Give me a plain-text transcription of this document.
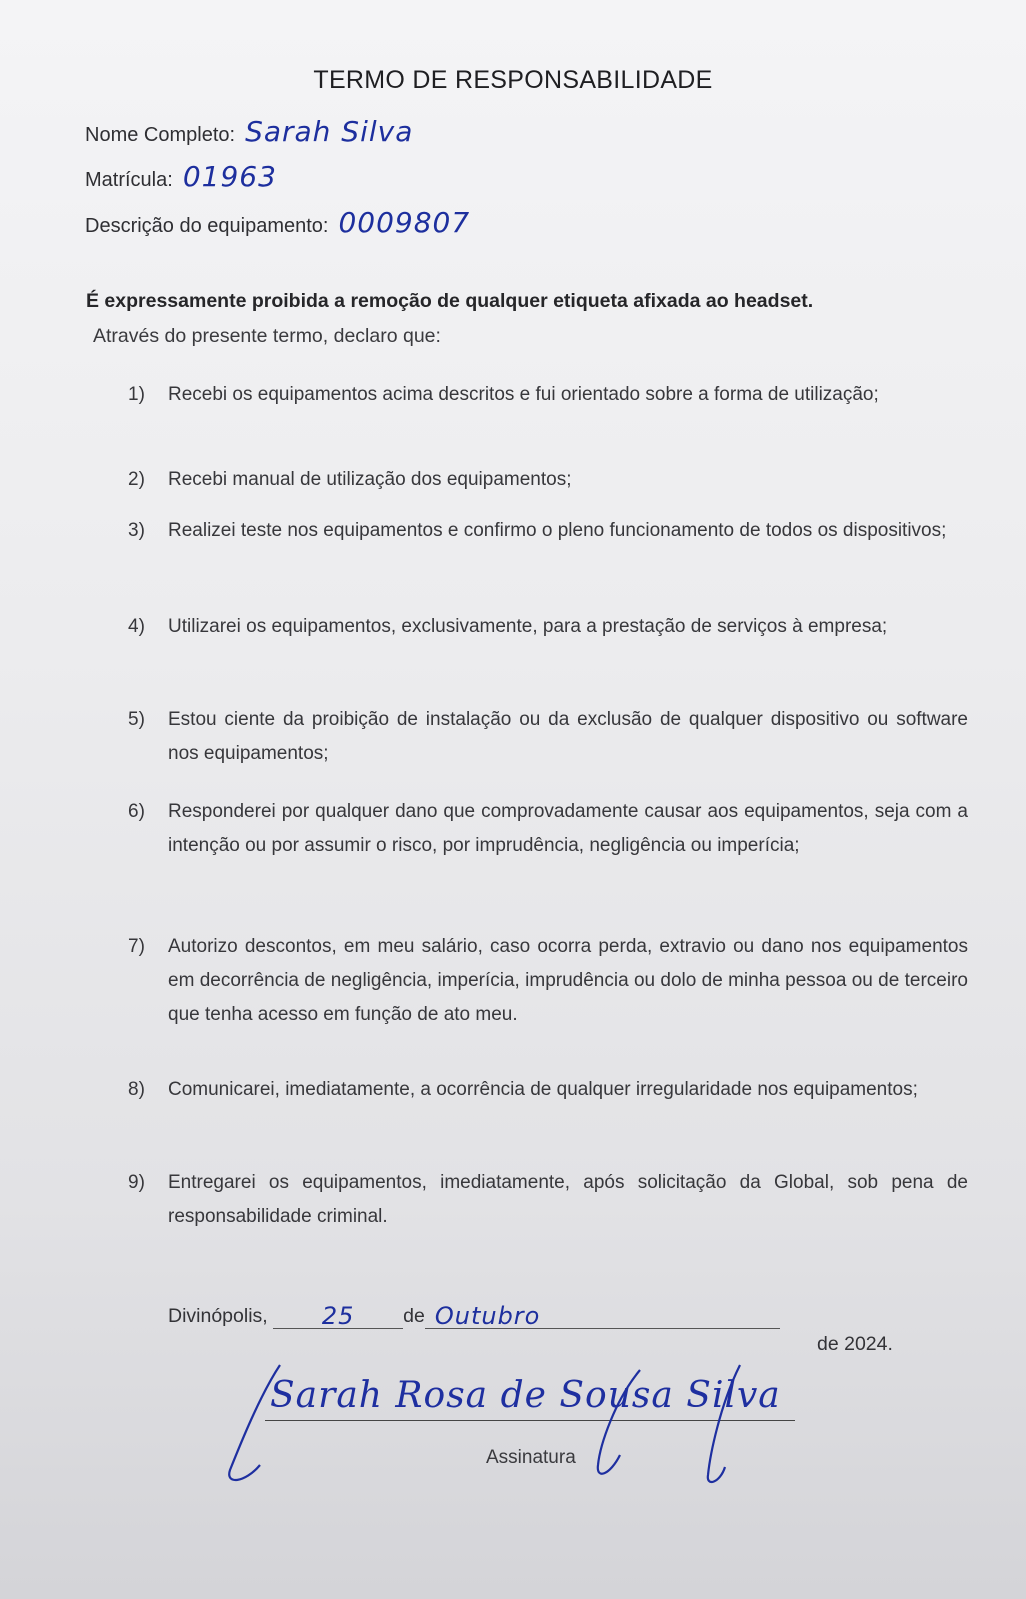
TERMO DE RESPONSABILIDADE
Nome Completo: Sarah Silva
Matrícula: 01963
Descrição do equipamento: 0009807
É expressamente proibida a remoção de qualquer etiqueta afixada ao headset.
Através do presente termo, declaro que:
1) Recebi os equipamentos acima descritos e fui orientado sobre a forma de utilização;
2) Recebi manual de utilização dos equipamentos;
3) Realizei teste nos equipamentos e confirmo o pleno funcionamento de todos os dispositivos;
4) Utilizarei os equipamentos, exclusivamente, para a prestação de serviços à empresa;
5) Estou ciente da proibição de instalação ou da exclusão de qualquer dispositivo ou software nos equipamentos;
6) Responderei por qualquer dano que comprovadamente causar aos equipamentos, seja com a intenção ou por assumir o risco, por imprudência, negligência ou imperícia;
7) Autorizo descontos, em meu salário, caso ocorra perda, extravio ou dano nos equipamentos em decorrência de negligência, imperícia, imprudência ou dolo de minha pessoa ou de terceiro que tenha acesso em função de ato meu.
8) Comunicarei, imediatamente, a ocorrência de qualquer irregularidade nos equipamentos;
9) Entregarei os equipamentos, imediatamente, após solicitação da Global, sob pena de responsabilidade criminal.
Divinópolis,	25	de Outubro
de 2024.
Sarah Rosa de Sousa Silva
Assinatura
